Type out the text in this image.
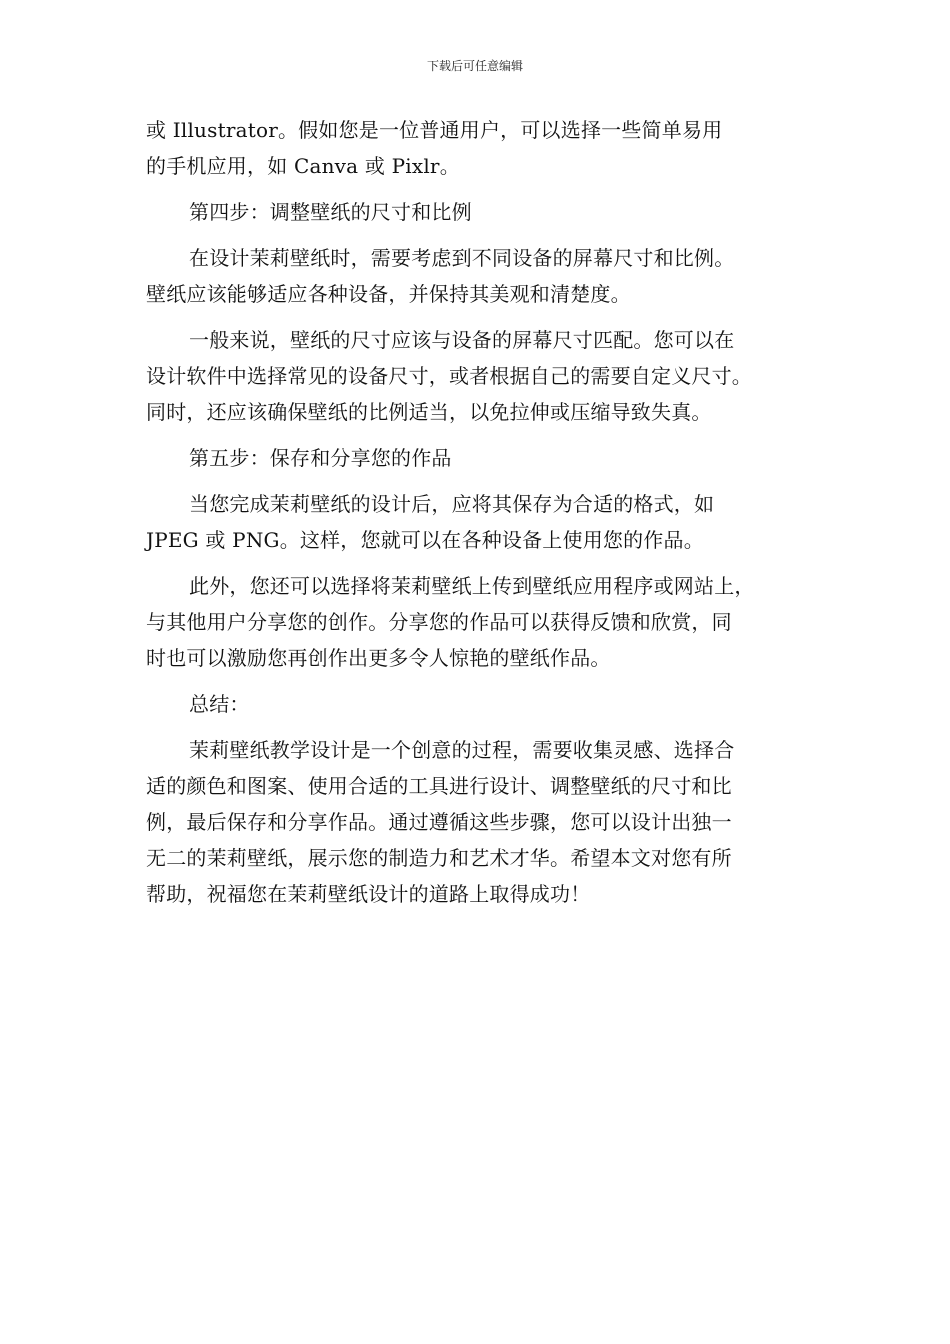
下载后可任意编辑
或 Illustrator。假如您是一位普通用户，可以选择一些简单易用
的手机应用，如 Canva 或 Pixlr。
第四步：调整壁纸的尺寸和比例
在设计茉莉壁纸时，需要考虑到不同设备的屏幕尺寸和比例。
壁纸应该能够适应各种设备，并保持其美观和清楚度。
一般来说，壁纸的尺寸应该与设备的屏幕尺寸匹配。您可以在
设计软件中选择常见的设备尺寸，或者根据自己的需要自定义尺寸。
同时，还应该确保壁纸的比例适当，以免拉伸或压缩导致失真。
第五步：保存和分享您的作品
当您完成茉莉壁纸的设计后，应将其保存为合适的格式，如
JPEG 或 PNG。这样，您就可以在各种设备上使用您的作品。
此外，您还可以选择将茉莉壁纸上传到壁纸应用程序或网站上，
与其他用户分享您的创作。分享您的作品可以获得反馈和欣赏，同
时也可以激励您再创作出更多令人惊艳的壁纸作品。
总结：
茉莉壁纸教学设计是一个创意的过程，需要收集灵感、选择合
适的颜色和图案、使用合适的工具进行设计、调整壁纸的尺寸和比
例，最后保存和分享作品。通过遵循这些步骤，您可以设计出独一
无二的茉莉壁纸，展示您的制造力和艺术才华。希望本文对您有所
帮助，祝福您在茉莉壁纸设计的道路上取得成功！
